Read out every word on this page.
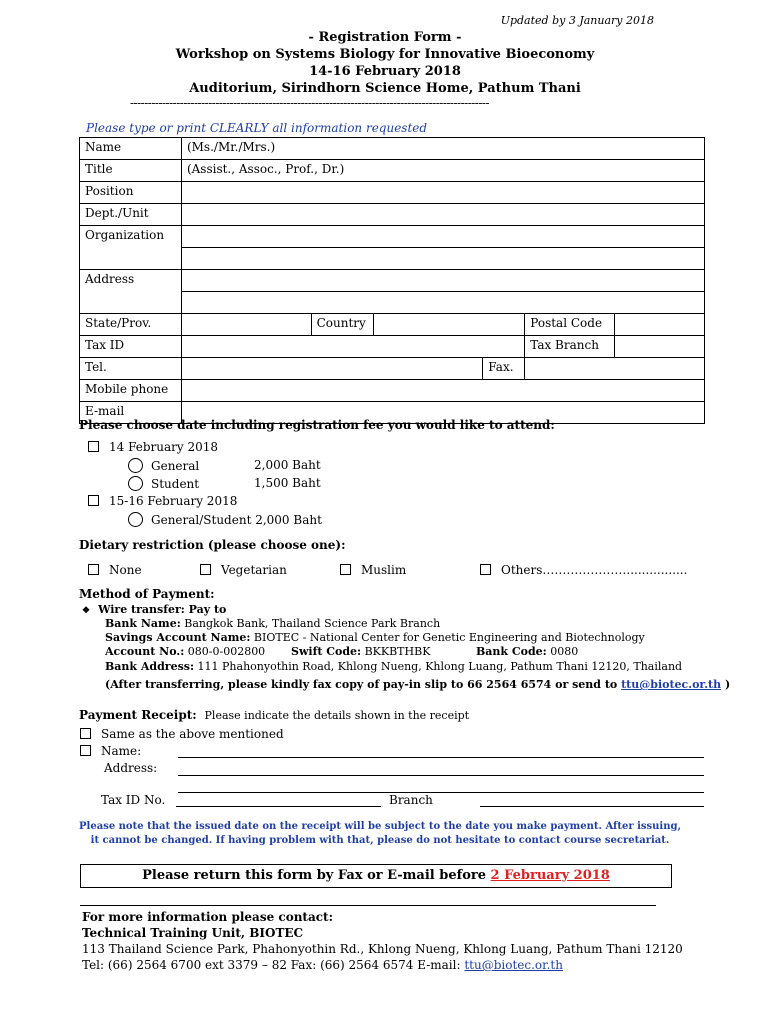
Updated by 3 January 2018
- Registration Form -
Workshop on Systems Biology for Innovative Bioeconomy
14-16 February 2018
Auditorium, Sirindhorn Science Home, Pathum Thani
-----------------------------------------------------------------------------------------------------
Please type or print CLEARLY all information requested
Name	(Ms./Mr./Mrs.)					
Title	(Assist., Assoc., Prof., Dr.)					
Position						
Dept./Unit						
Organization						

Address						

State/Prov.		Country			Postal Code	
Tax ID					Tax Branch	
Tel.				Fax.		
Mobile phone						
E-mail						
Please choose date including registration fee you would like to attend:
14 February 2018
General	2,000 Baht
Student	1,500 Baht
15-16 February 2018
General/Student 2,000 Baht
Dietary restriction (please choose one):
None	Vegetarian	Muslim	Others…………………................
Method of Payment:
❖ Wire transfer: Pay to
Bank Name: Bangkok Bank, Thailand Science Park Branch
Savings Account Name: BIOTEC - National Center for Genetic Engineering and Biotechnology
Account No.: 080-0-002800 Swift Code: BKKBTHBK	Bank Code: 0080
Bank Address: 111 Phahonyothin Road, Khlong Nueng, Khlong Luang, Pathum Thani 12120, Thailand
(After transferring, please kindly fax copy of pay-in slip to 66 2564 6574 or send to ttu@biotec.or.th )
Payment Receipt: Please indicate the details shown in the receipt
Same as the above mentioned
Name:
Address:
Tax ID No.	Branch
Please note that the issued date on the receipt will be subject to the date you make payment. After issuing,
it cannot be changed. If having problem with that, please do not hesitate to contact course secretariat.
Please return this form by Fax or E-mail before 2 February 2018
For more information please contact:
Technical Training Unit, BIOTEC
113 Thailand Science Park, Phahonyothin Rd., Khlong Nueng, Khlong Luang, Pathum Thani 12120
Tel: (66) 2564 6700 ext 3379 – 82 Fax: (66) 2564 6574 E-mail: ttu@biotec.or.th
